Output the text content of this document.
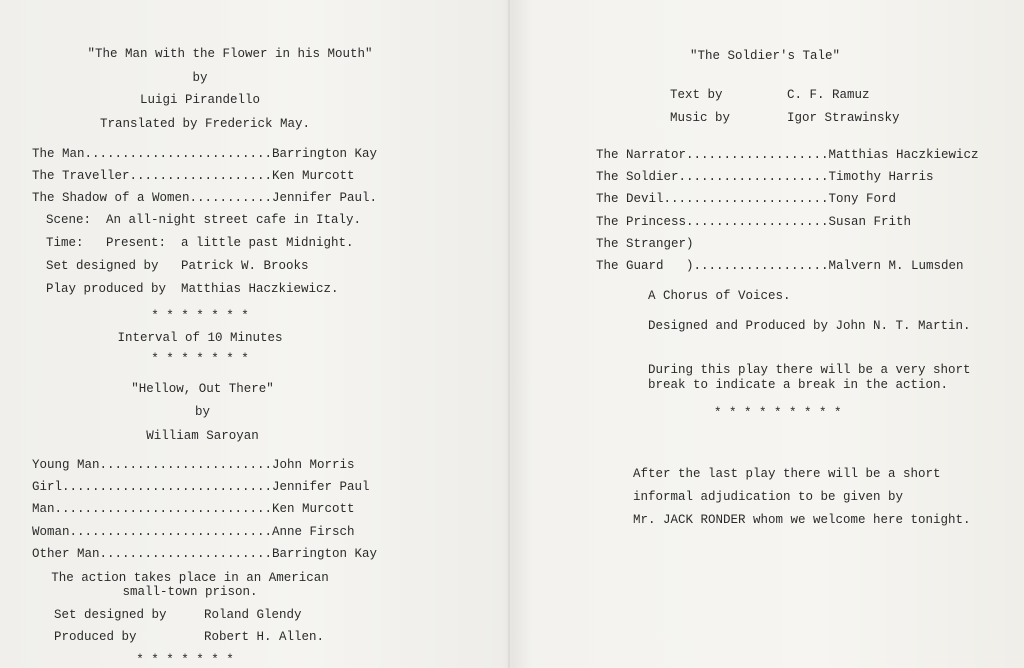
"The Man with the Flower in his Mouth"
by
Luigi Pirandello
Translated by Frederick May.
The Man.........................Barrington Kay
The Traveller...................Ken Murcott
The Shadow of a Women...........Jennifer Paul.
Scene:  An all-night street cafe in Italy.
Time:   Present:  a little past Midnight.
Set designed by   Patrick W. Brooks
Play produced by  Matthias Haczkiewicz.
* * * * * * *
Interval of 10 Minutes
* * * * * * *
"Hellow, Out There"
by
William Saroyan
Young Man.......................John Morris
Girl............................Jennifer Paul
Man.............................Ken Murcott
Woman...........................Anne Firsch
Other Man.......................Barrington Kay
The action takes place in an American
small-town prison.
Set designed by     Roland Glendy
Produced by         Robert H. Allen.
* * * * * * *
"The Soldier's Tale"
Text by	C. F. Ramuz
Music by	Igor Strawinsky
The Narrator...................Matthias Haczkiewicz
The Soldier....................Timothy Harris
The Devil......................Tony Ford
The Princess...................Susan Frith
The Stranger)
The Guard   )..................Malvern M. Lumsden
A Chorus of Voices.
Designed and Produced by John N. T. Martin.
During this play there will be a very short
break to indicate a break in the action.
* * * * * * * * *
After the last play there will be a short
informal adjudication to be given by
Mr. JACK RONDER whom we welcome here tonight.
